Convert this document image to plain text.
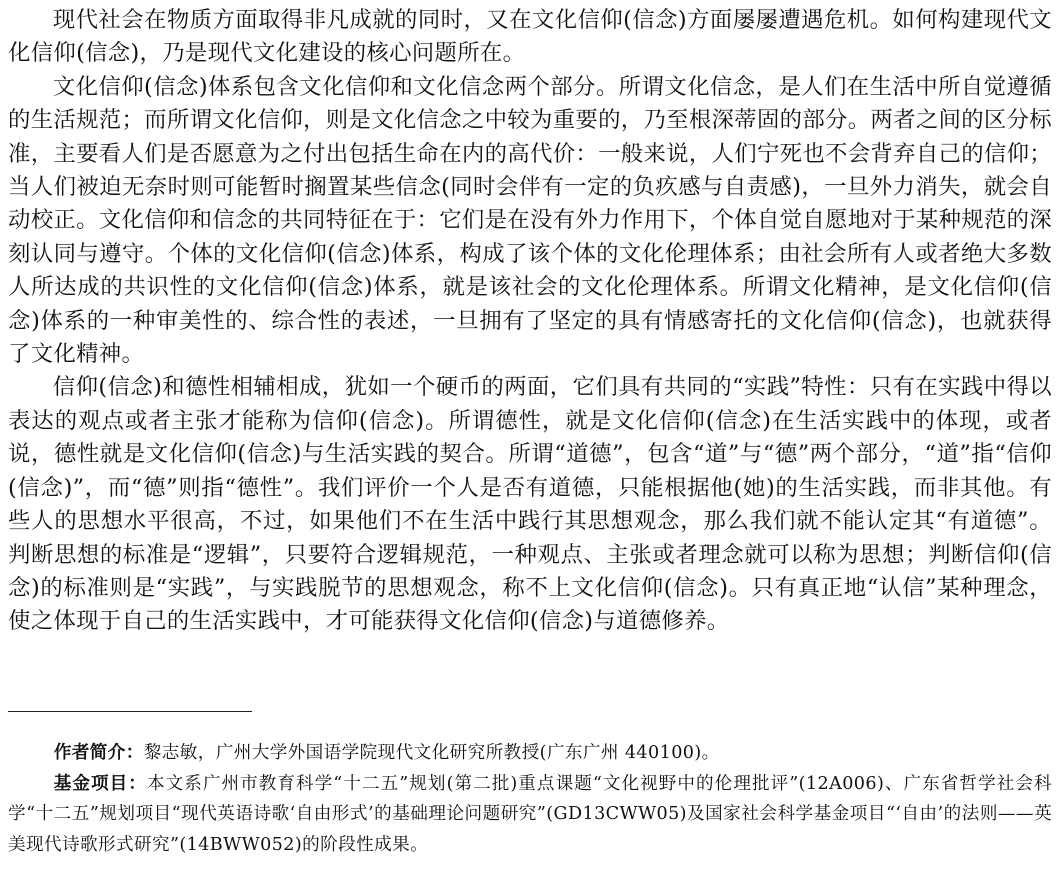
现代社会在物质方面取得非凡成就的同时，又在文化信仰(信念)方面屡屡遭遇危机。如何构建现代文化信仰(信念)，乃是现代文化建设的核心问题所在。

文化信仰(信念)体系包含文化信仰和文化信念两个部分。所谓文化信念，是人们在生活中所自觉遵循的生活规范；而所谓文化信仰，则是文化信念之中较为重要的，乃至根深蒂固的部分。两者之间的区分标准，主要看人们是否愿意为之付出包括生命在内的高代价：一般来说，人们宁死也不会背弃自己的信仰；当人们被迫无奈时则可能暂时搁置某些信念(同时会伴有一定的负疚感与自责感)，一旦外力消失，就会自动校正。文化信仰和信念的共同特征在于：它们是在没有外力作用下，个体自觉自愿地对于某种规范的深刻认同与遵守。个体的文化信仰(信念)体系，构成了该个体的文化伦理体系；由社会所有人或者绝大多数人所达成的共识性的文化信仰(信念)体系，就是该社会的文化伦理体系。所谓文化精神，是文化信仰(信念)体系的一种审美性的、综合性的表述，一旦拥有了坚定的具有情感寄托的文化信仰(信念)，也就获得了文化精神。

信仰(信念)和德性相辅相成，犹如一个硬币的两面，它们具有共同的“实践”特性：只有在实践中得以表达的观点或者主张才能称为信仰(信念)。所谓德性，就是文化信仰(信念)在生活实践中的体现，或者说，德性就是文化信仰(信念)与生活实践的契合。所谓“道德”，包含“道”与“德”两个部分，“道”指“信仰(信念)”，而“德”则指“德性”。我们评价一个人是否有道德，只能根据他(她)的生活实践，而非其他。有些人的思想水平很高，不过，如果他们不在生活中践行其思想观念，那么我们就不能认定其“有道德”。判断思想的标准是“逻辑”，只要符合逻辑规范，一种观点、主张或者理念就可以称为思想；判断信仰(信念)的标准则是“实践”，与实践脱节的思想观念，称不上文化信仰(信念)。只有真正地“认信”某种理念，使之体现于自己的生活实践中，才可能获得文化信仰(信念)与道德修养。

作者简介：黎志敏，广州大学外国语学院现代文化研究所教授(广东广州 440100)。

基金项目：本文系广州市教育科学“十二五”规划(第二批)重点课题“文化视野中的伦理批评”(12A006)、广东省哲学社会科学“十二五”规划项目“现代英语诗歌‘自由形式’的基础理论问题研究”(GD13CWW05)及国家社会科学基金项目“‘自由’的法则——英美现代诗歌形式研究”(14BWW052)的阶段性成果。
